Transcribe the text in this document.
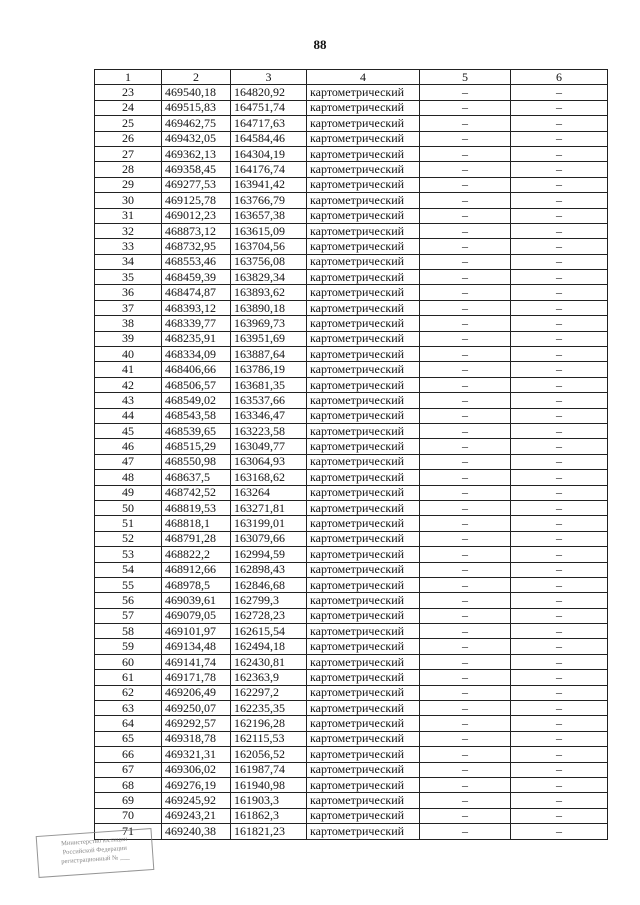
88
1	2	3	4	5	6
23	469540,18	164820,92	картометрический	–	–
24	469515,83	164751,74	картометрический	–	–
25	469462,75	164717,63	картометрический	–	–
26	469432,05	164584,46	картометрический	–	–
27	469362,13	164304,19	картометрический	–	–
28	469358,45	164176,74	картометрический	–	–
29	469277,53	163941,42	картометрический	–	–
30	469125,78	163766,79	картометрический	–	–
31	469012,23	163657,38	картометрический	–	–
32	468873,12	163615,09	картометрический	–	–
33	468732,95	163704,56	картометрический	–	–
34	468553,46	163756,08	картометрический	–	–
35	468459,39	163829,34	картометрический	–	–
36	468474,87	163893,62	картометрический	–	–
37	468393,12	163890,18	картометрический	–	–
38	468339,77	163969,73	картометрический	–	–
39	468235,91	163951,69	картометрический	–	–
40	468334,09	163887,64	картометрический	–	–
41	468406,66	163786,19	картометрический	–	–
42	468506,57	163681,35	картометрический	–	–
43	468549,02	163537,66	картометрический	–	–
44	468543,58	163346,47	картометрический	–	–
45	468539,65	163223,58	картометрический	–	–
46	468515,29	163049,77	картометрический	–	–
47	468550,98	163064,93	картометрический	–	–
48	468637,5	163168,62	картометрический	–	–
49	468742,52	163264	картометрический	–	–
50	468819,53	163271,81	картометрический	–	–
51	468818,1	163199,01	картометрический	–	–
52	468791,28	163079,66	картометрический	–	–
53	468822,2	162994,59	картометрический	–	–
54	468912,66	162898,43	картометрический	–	–
55	468978,5	162846,68	картометрический	–	–
56	469039,61	162799,3	картометрический	–	–
57	469079,05	162728,23	картометрический	–	–
58	469101,97	162615,54	картометрический	–	–
59	469134,48	162494,18	картометрический	–	–
60	469141,74	162430,81	картометрический	–	–
61	469171,78	162363,9	картометрический	–	–
62	469206,49	162297,2	картометрический	–	–
63	469250,07	162235,35	картометрический	–	–
64	469292,57	162196,28	картометрический	–	–
65	469318,78	162115,53	картометрический	–	–
66	469321,31	162056,52	картометрический	–	–
67	469306,02	161987,74	картометрический	–	–
68	469276,19	161940,98	картометрический	–	–
69	469245,92	161903,3	картометрический	–	–
70	469243,21	161862,3	картометрический	–	–
71	469240,38	161821,23	картометрический	–	–
Министерство юстиции
Российской Федерации
регистрационный № ___
